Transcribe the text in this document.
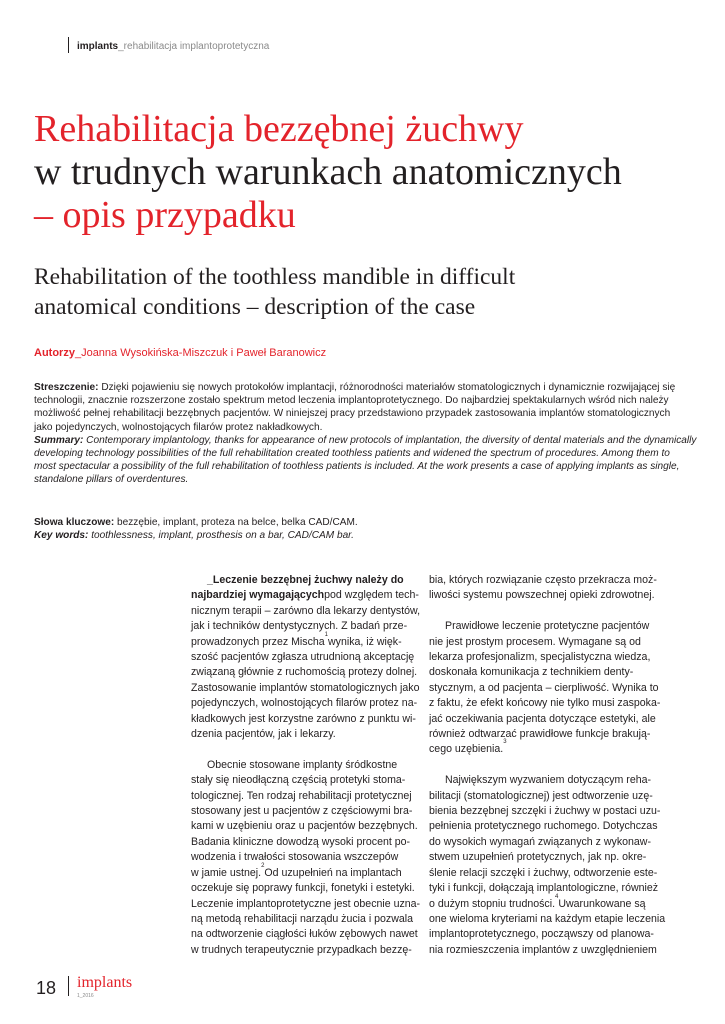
implants_rehabilitacja implantoprotetyczna
Rehabilitacja bezzębnej żuchwy
w trudnych warunkach anatomicznych
– opis przypadku
Rehabilitation of the toothless mandible in difficult
anatomical conditions – description of the case
Autorzy_Joanna Wysokińska-Miszczuk i Paweł Baranowicz
Streszczenie: Dzięki pojawieniu się nowych protokołów implantacji, różnorodności materiałów stomatologicznych i dynamicznie rozwijającej się
technologii, znacznie rozszerzone zostało spektrum metod leczenia implantoprotetycznego. Do najbardziej spektakularnych wśród nich należy
możliwość pełnej rehabilitacji bezzębnych pacjentów. W niniejszej pracy przedstawiono przypadek zastosowania implantów stomatologicznych
jako pojedynczych, wolnostojących filarów protez nakładkowych.
Summary: Contemporary implantology, thanks for appearance of new protocols of implantation, the diversity of dental materials and the dynamically
developing technology possibilities of the full rehabilitation created toothless patients and widened the spectrum of procedures. Among them to
most spectacular a possibility of the full rehabilitation of toothless patients is included. At the work presents a case of applying implants as single,
standalone pillars of overdentures.
Słowa kluczowe: bezzębie, implant, proteza na belce, belka CAD/CAM.
Key words: toothlessness, implant, prosthesis on a bar, CAD/CAM bar.
_Leczenie bezzębnej żuchwy należy do
najbardziej wymagających pod względem tech-
nicznym terapii – zarówno dla lekarzy dentystów,
jak i techników dentystycznych. Z badań prze-
prowadzonych przez Mischa
1
wynika, iż więk-
szość pacjentów zgłasza utrudnioną akceptację
związaną głównie z ruchomością protezy dolnej.
Zastosowanie implantów stomatologicznych jako
pojedynczych, wolnostojących filarów protez na-
kładkowych jest korzystne zarówno z punktu wi-
dzenia pacjentów, jak i lekarzy.
Obecnie stosowane implanty śródkostne
stały się nieodłączną częścią protetyki stoma-
tologicznej. Ten rodzaj rehabilitacji protetycznej
stosowany jest u pacjentów z częściowymi bra-
kami w uzębieniu oraz u pacjentów bezzębnych.
Badania kliniczne dowodzą wysoki procent po-
wodzenia i trwałości stosowania wszczepów
w jamie ustnej.
2
Od uzupełnień na implantach
oczekuje się poprawy funkcji, fonetyki i estetyki.
Leczenie implantoprotetyczne jest obecnie uzna-
ną metodą rehabilitacji narządu żucia i pozwala
na odtworzenie ciągłości łuków zębowych nawet
w trudnych terapeutycznie przypadkach bezzę-
bia, których rozwiązanie często przekracza moż-
liwości systemu powszechnej opieki zdrowotnej.
Prawidłowe leczenie protetyczne pacjentów
nie jest prostym procesem. Wymagane są od
lekarza profesjonalizm, specjalistyczna wiedza,
doskonała komunikacja z technikiem denty-
stycznym, a od pacjenta – cierpliwość. Wynika to
z faktu, że efekt końcowy nie tylko musi zaspoka-
jać oczekiwania pacjenta dotyczące estetyki, ale
również odtwarzać prawidłowe funkcje brakują-
cego uzębienia.
3
Największym wyzwaniem dotyczącym reha-
bilitacji (stomatologicznej) jest odtworzenie uzę-
bienia bezzębnej szczęki i żuchwy w postaci uzu-
pełnienia protetycznego ruchomego. Dotychczas
do wysokich wymagań związanych z wykonaw-
stwem uzupełnień protetycznych, jak np. okre-
ślenie relacji szczęki i żuchwy, odtworzenie este-
tyki i funkcji, dołączają implantologiczne, również
o dużym stopniu trudności.
4
Uwarunkowane są
one wieloma kryteriami na każdym etapie leczenia
implantoprotetycznego, począwszy od planowa-
nia rozmieszczenia implantów z uwzględnieniem
18 implants
1_2016
